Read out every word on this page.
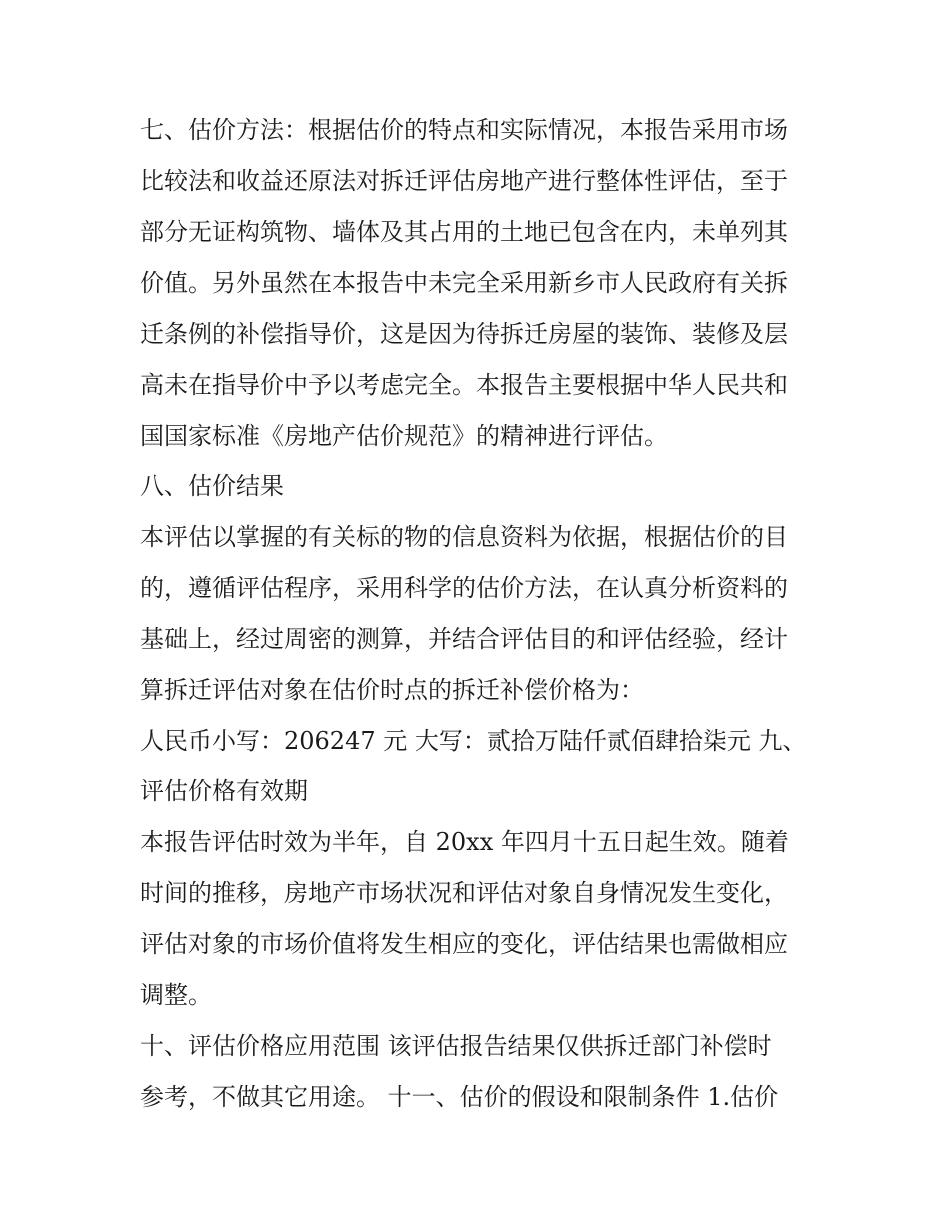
七、估价方法：根据估价的特点和实际情况，本报告采用市场
比较法和收益还原法对拆迁评估房地产进行整体性评估，至于
部分无证构筑物、墙体及其占用的土地已包含在内，未单列其
价值。另外虽然在本报告中未完全采用新乡市人民政府有关拆
迁条例的补偿指导价，这是因为待拆迁房屋的装饰、装修及层
高未在指导价中予以考虑完全。本报告主要根据中华人民共和
国国家标准《房地产估价规范》的精神进行评估。
八、估价结果
本评估以掌握的有关标的物的信息资料为依据，根据估价的目
的，遵循评估程序，采用科学的估价方法，在认真分析资料的
基础上，经过周密的测算，并结合评估目的和评估经验，经计
算拆迁评估对象在估价时点的拆迁补偿价格为：
人民币小写：206247 元 大写：贰拾万陆仟贰佰肆拾柒元 九、
评估价格有效期
本报告评估时效为半年，自 20xx 年四月十五日起生效。随着
时间的推移，房地产市场状况和评估对象自身情况发生变化，
评估对象的市场价值将发生相应的变化，评估结果也需做相应
调整。
十、评估价格应用范围 该评估报告结果仅供拆迁部门补偿时
参考，不做其它用途。 十一、估价的假设和限制条件 1.估价
